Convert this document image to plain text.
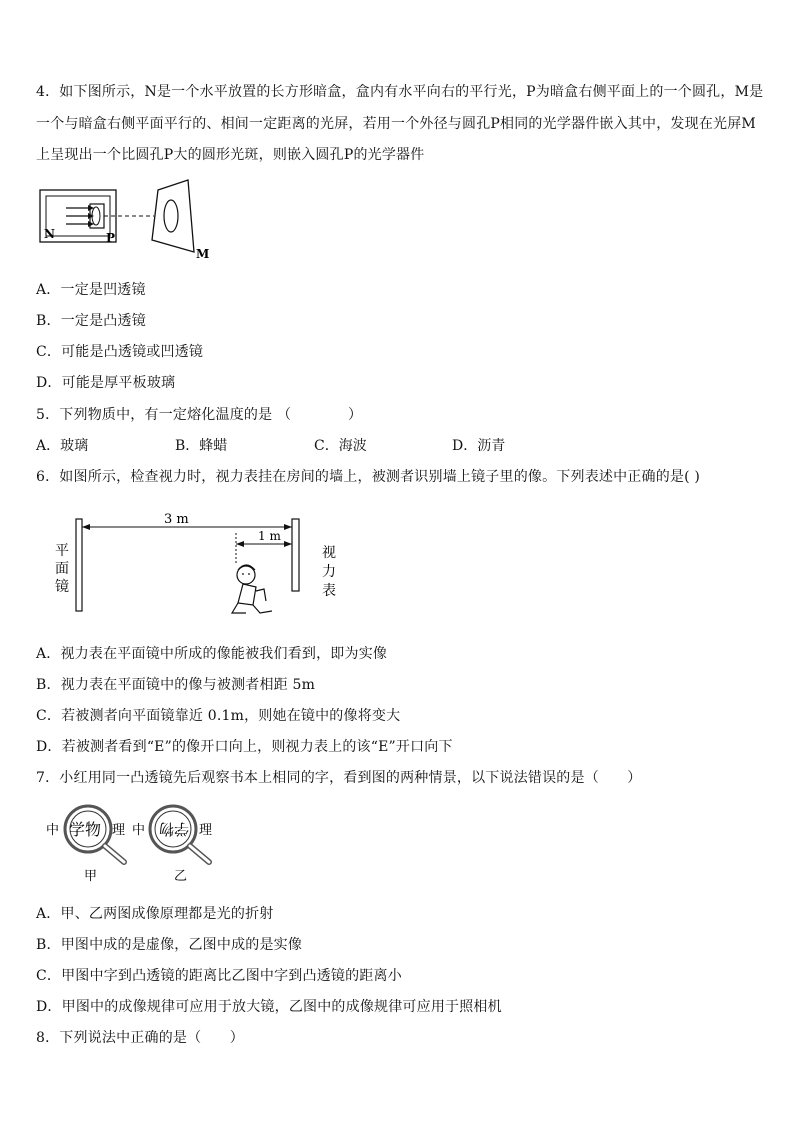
4．如下图所示，N是一个水平放置的长方形暗盒，盒内有水平向右的平行光，P为暗盒右侧平面上的一个圆孔，M是
一个与暗盒右侧平面平行的、相间一定距离的光屏，若用一个外径与圆孔P相同的光学器件嵌入其中，发现在光屏M
上呈现出一个比圆孔P大的圆形光斑，则嵌入圆孔P的光学器件
N	P
M
A．一定是凹透镜
B．一定是凸透镜
C．可能是凸透镜或凹透镜
D．可能是厚平板玻璃
5．下列物质中，有一定熔化温度的是 （　　　　）
A．玻璃	B．蜂蜡	C．海波	D．沥青
6．如图所示，检查视力时，视力表挂在房间的墙上，被测者识别墙上镜子里的像。下列表述中正确的是( )
3 m
1 m
平
面
镜
视
力
表
A．视力表在平面镜中所成的像能被我们看到，即为实像
B．视力表在平面镜中的像与被测者相距 5m
C．若被测者向平面镜靠近 0.1m，则她在镜中的像将变大
D．若被测者看到“E”的像开口向上，则视力表上的该“E”开口向下
7．小红用同一凸透镜先后观察书本上相同的字，看到图的两种情景，以下说法错误的是（　　）
中 学物 理
甲
中 学物 理
乙
A．甲、乙两图成像原理都是光的折射
B．甲图中成的是虚像，乙图中成的是实像
C．甲图中字到凸透镜的距离比乙图中字到凸透镜的距离小
D．甲图中的成像规律可应用于放大镜，乙图中的成像规律可应用于照相机
8．下列说法中正确的是（　　）
